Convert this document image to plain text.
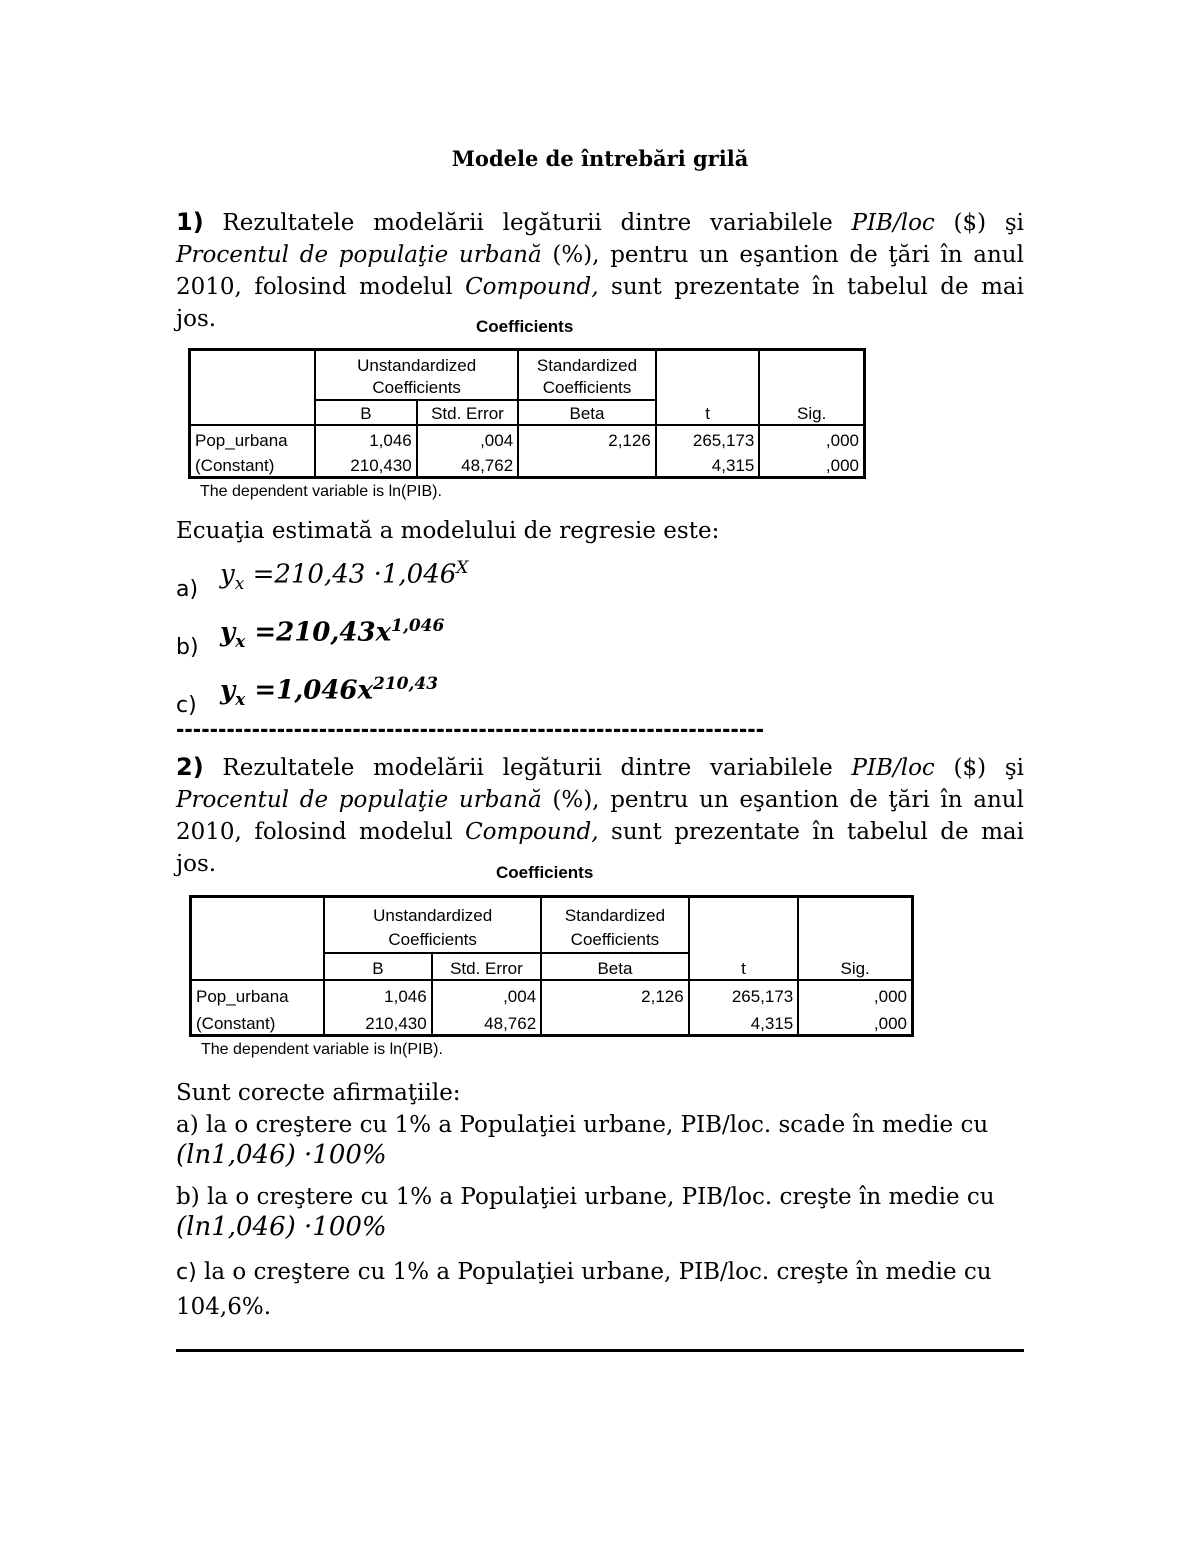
Modele de întrebări grilă
1) Rezultatele modelării legăturii dintre variabilele PIB/loc ($) şi Procentul de populaţie urbană (%), pentru un eşantion de ţări în anul 2010, folosind modelul Compound, sunt prezentate în tabelul de mai jos.	Coefficients
	Unstandardized Coefficients		Standardized Coefficients	t	Sig.

	B	Std. Error	Beta		
Pop_urbana	1,046	,004	2,126	265,173	,000
(Constant)	210,430	48,762		4,315	,000
The dependent variable is ln(PIB).
Ecuaţia estimată a modelului de regresie este:
a) $y_x =210,43 \cdot 1,046^X$
b) $y_x =210,43x^{1,046}$
c) $y_x =1,046x^{210,43}$
----------------------------------------------------------------------
2) Rezultatele modelării legăturii dintre variabilele PIB/loc ($) şi Procentul de populaţie urbană (%), pentru un eşantion de ţări în anul 2010, folosind modelul Compound, sunt prezentate în tabelul de mai jos.	Coefficients
	Unstandardized Coefficients		Standardized Coefficients	t	Sig.

	B	Std. Error	Beta		
Pop_urbana	1,046	,004	2,126	265,173	,000
(Constant)	210,430	48,762		4,315	,000
The dependent variable is ln(PIB).
Sunt corecte afirmaţiile:
a) la o creştere cu 1% a Populaţiei urbane, PIB/loc. scade în medie cu
(ln1,046) ·100%
b) la o creştere cu 1% a Populaţiei urbane, PIB/loc. creşte în medie cu
(ln1,046) ·100%
c) la o creştere cu 1% a Populaţiei urbane, PIB/loc. creşte în medie cu 104,6%.
